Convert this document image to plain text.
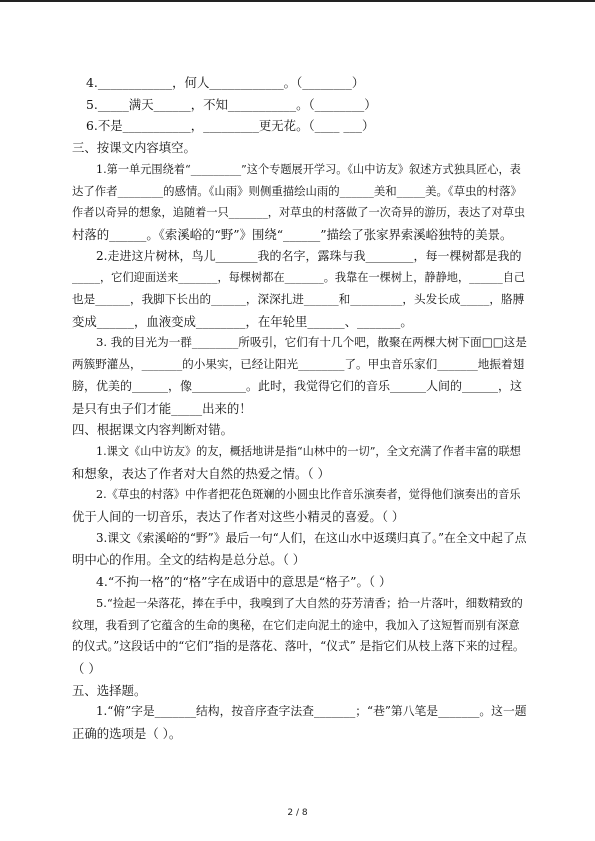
4.____________，何人____________。（________）
5._____满天______，不知___________。（________）
6.不是___________，_________更无花。（____ ___）
三、按课文内容填空。
1.第一单元围绕着“_________”这个专题展开学习。《山中访友》叙述方式独具匠心，表
达了作者________的感情。《山雨》则侧重描绘山雨的______美和_____美。《草虫的村落》
作者以奇异的想象，追随着一只_______，对草虫的村落做了一次奇异的游历，表达了对草虫
村落的______。《索溪峪的“野”》围绕“______”描绘了张家界索溪峪独特的美景。
2.走进这片树林，鸟儿_______我的名字，露珠与我________，每一棵树都是我的
_____，它们迎面送来_______，每棵树都在_______。我靠在一棵树上，静静地，______自己
也是______，我脚下长出的______，深深扎进______和_________，头发长成_____，胳膊
变成______，血液变成________，在年轮里______、_______。
3. 我的目光为一群________所吸引，它们有十几个吧，散聚在两棵大树下面□□这是
两簇野灌丛，_______的小果实，已经让阳光________了。甲虫音乐家们_______地振着翅
膀，优美的______，像_________。此时，我觉得它们的音乐______人间的______，这
是只有虫子们才能_____出来的！
四、根据课文内容判断对错。
1.课文《山中访友》的友，概括地讲是指“山林中的一切”，全文充满了作者丰富的联想
和想象，表达了作者对大自然的热爱之情。（ ）
2.《草虫的村落》中作者把花色斑斓的小圆虫比作音乐演奏者，觉得他们演奏出的音乐
优于人间的一切音乐，表达了作者对这些小精灵的喜爱。（ ）
3.课文《索溪峪的“野”》最后一句“人们，在这山水中返璞归真了。”在全文中起了点
明中心的作用。全文的结构是总分总。（ ）
4.“不拘一格”的“格”字在成语中的意思是“格子”。（ ）
5.“捡起一朵落花，捧在手中，我嗅到了大自然的芬芳清香；拾一片落叶，细数精致的
纹理，我看到了它蕴含的生命的奥秘，在它们走向泥土的途中，我加入了这短暂而别有深意
的仪式。”这段话中的“它们”指的是落花、落叶，“仪式” 是指它们从枝上落下来的过程。
（ ）
五、选择题。
1.“俯”字是_______结构，按音序查字法查_______；“巷”第八笔是_______。这一题
正确的选项是（ ）。
2 / 8
